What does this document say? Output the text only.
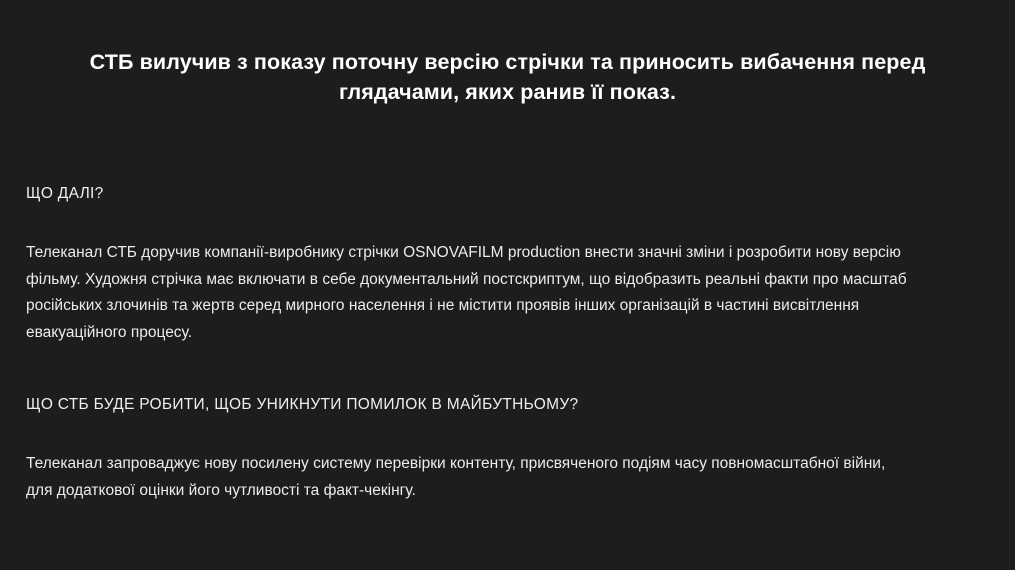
СТБ вилучив з показу поточну версію стрічки та приносить вибачення перед глядачами, яких ранив її показ.
ЩО ДАЛІ?

Телеканал СТБ доручив компанії-виробнику стрічки OSNOVAFILM production внести значні зміни і розробити нову версію фільму. Художня стрічка має включати в себе документальний постскриптум, що відобразить реальні факти про масштаб російських злочинів та жертв серед мирного населення і не містити проявів інших організацій в частині висвітлення евакуаційного процесу.

ЩО СТБ БУДЕ РОБИТИ, ЩОБ УНИКНУТИ ПОМИЛОК В МАЙБУТНЬОМУ?

Телеканал запроваджує нову посилену систему перевірки контенту, присвяченого подіям часу повномасштабної війни, для додаткової оцінки його чутливості та факт-чекінгу.
